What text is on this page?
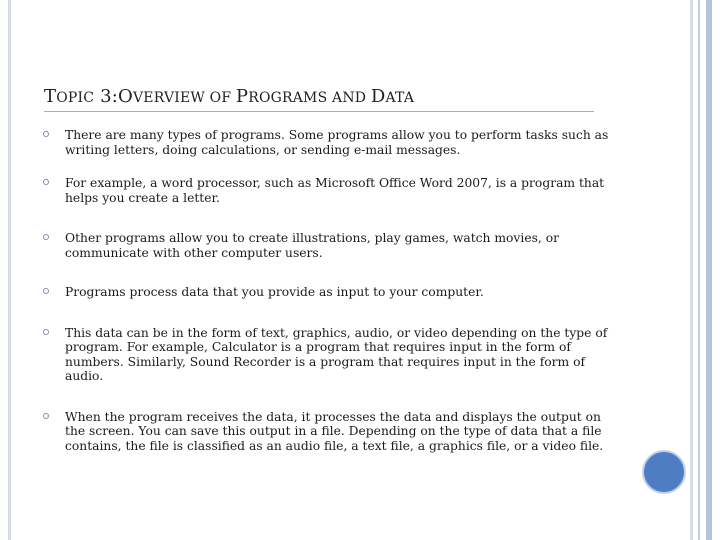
TOPIC 3:OVERVIEW OF PROGRAMS AND DATA
There are many types of programs. Some programs allow you to perform tasks such as writing letters, doing calculations, or sending e-mail messages.
For example, a word processor, such as Microsoft Office Word 2007, is a program that helps you create a letter.
Other programs allow you to create illustrations, play games, watch movies, or communicate with other computer users.
Programs process data that you provide as input to your computer.
This data can be in the form of text, graphics, audio, or video depending on the type of program. For example, Calculator is a program that requires input in the form of numbers. Similarly, Sound Recorder is a program that requires input in the form of audio.
When the program receives the data, it processes the data and displays the output on the screen. You can save this output in a file. Depending on the type of data that a file contains, the file is classified as an audio file, a text file, a graphics file, or a video file.
